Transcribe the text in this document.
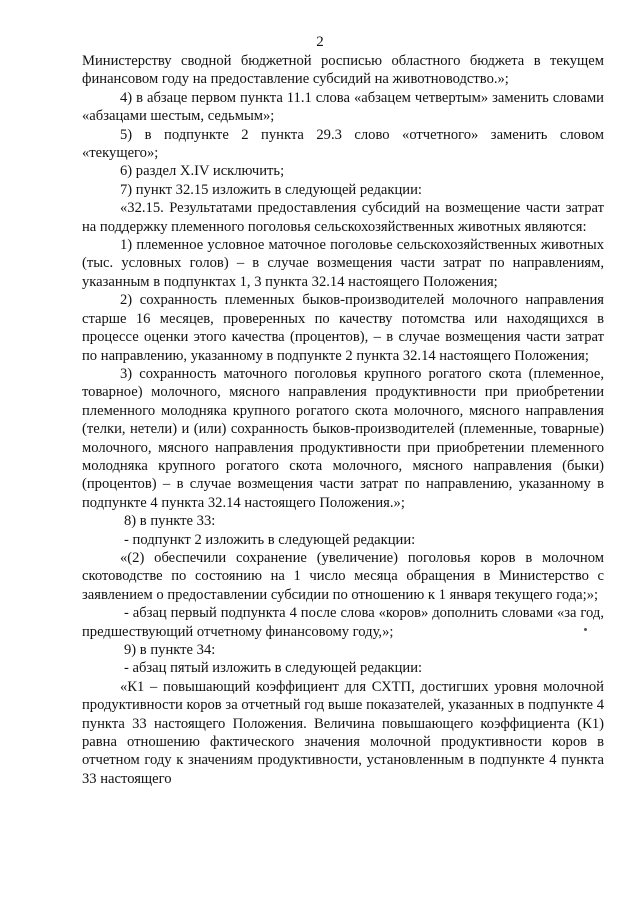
2

Министерству сводной бюджетной росписью областного бюджета в текущем финансовом году на предоставление субсидий на животноводство.»;

4) в абзаце первом пункта 11.1 слова «абзацем четвертым» заменить словами «абзацами шестым, седьмым»;

5) в подпункте 2 пункта 29.3 слово «отчетного» заменить словом «текущего»;

6) раздел X.IV исключить;

7) пункт 32.15 изложить в следующей редакции:

«32.15. Результатами предоставления субсидий на возмещение части затрат на поддержку племенного поголовья сельскохозяйственных животных являются:

1) племенное условное маточное поголовье сельскохозяйственных животных (тыс. условных голов) – в случае возмещения части затрат по направлениям, указанным в подпунктах 1, 3 пункта 32.14 настоящего Положения;

2) сохранность племенных быков-производителей молочного направления старше 16 месяцев, проверенных по качеству потомства или находящихся в процессе оценки этого качества (процентов), – в случае возмещения части затрат по направлению, указанному в подпункте 2 пункта 32.14 настоящего Положения;

3) сохранность маточного поголовья крупного рогатого скота (племенное, товарное) молочного, мясного направления продуктивности при приобретении племенного молодняка крупного рогатого скота молочного, мясного направления (телки, нетели) и (или) сохранность быков-производителей (племенные, товарные) молочного, мясного направления продуктивности при приобретении племенного молодняка крупного рогатого скота молочного, мясного направления (быки) (процентов) – в случае возмещения части затрат по направлению, указанному в подпункте 4 пункта 32.14 настоящего Положения.»;

8) в пункте 33:

- подпункт 2 изложить в следующей редакции:

«(2) обеспечили сохранение (увеличение) поголовья коров в молочном скотоводстве по состоянию на 1 число месяца обращения в Министерство с заявлением о предоставлении субсидии по отношению к 1 января текущего года;»;

- абзац первый подпункта 4 после слова «коров» дополнить словами «за год, предшествующий отчетному финансовому году,»;

9) в пункте 34:

- абзац пятый изложить в следующей редакции:

«К1 – повышающий коэффициент для СХТП, достигших уровня молочной продуктивности коров за отчетный год выше показателей, указанных в подпункте 4 пункта 33 настоящего Положения. Величина повышающего коэффициента (К1) равна отношению фактического значения молочной продуктивности коров в отчетном году к значениям продуктивности, установленным в подпункте 4 пункта 33 настоящего
